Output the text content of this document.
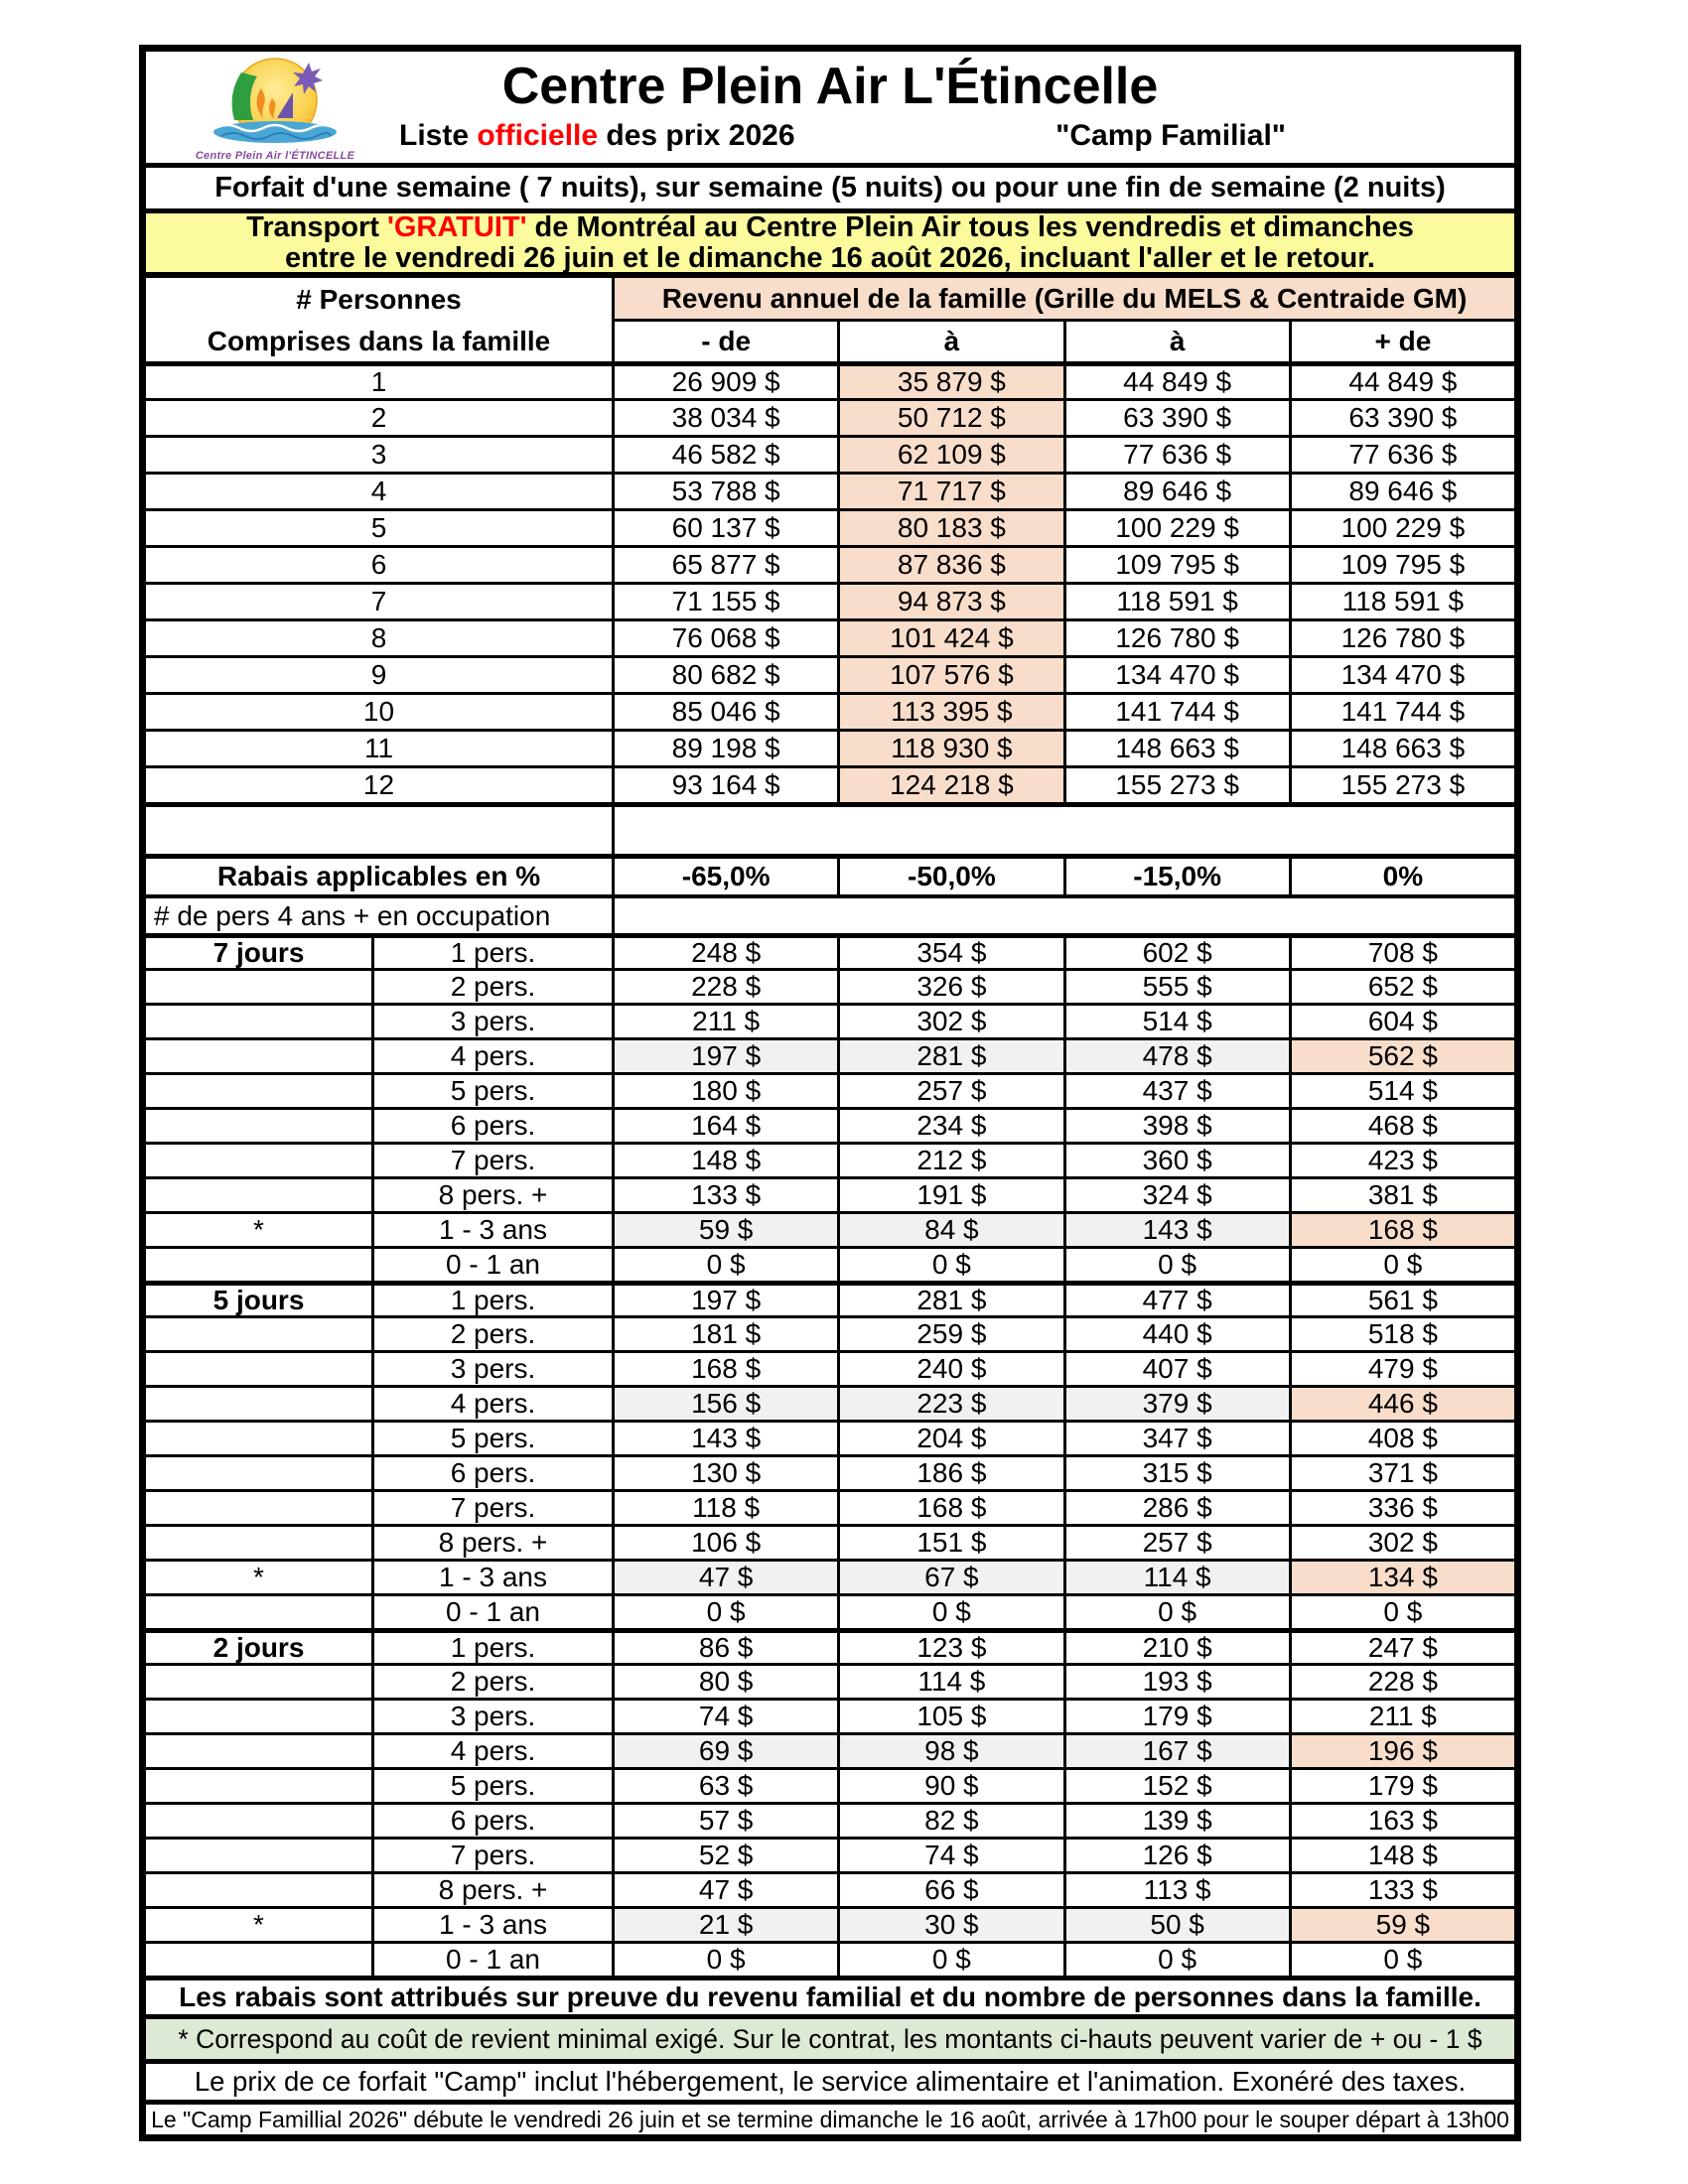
Centre Plein Air l'ÉTINCELLE
Centre Plein Air L'Étincelle
Liste officielle des prix 2026	"Camp Familial"
Forfait d'une semaine ( 7 nuits), sur semaine (5 nuits) ou pour une fin de semaine (2 nuits)
Transport 'GRATUIT' de Montréal au Centre Plein Air tous les vendredis et dimanches
entre le vendredi 26 juin et le dimanche 16 août 2026, incluant l'aller et le retour.
# Personnes
Comprises dans la famille
Revenu annuel de la famille (Grille du MELS & Centraide GM)
- de	à	à	+ de
1	26 909 $	35 879 $	44 849 $	44 849 $
2	38 034 $	50 712 $	63 390 $	63 390 $
3	46 582 $	62 109 $	77 636 $	77 636 $
4	53 788 $	71 717 $	89 646 $	89 646 $
5	60 137 $	80 183 $	100 229 $	100 229 $
6	65 877 $	87 836 $	109 795 $	109 795 $
7	71 155 $	94 873 $	118 591 $	118 591 $
8	76 068 $	101 424 $	126 780 $	126 780 $
9	80 682 $	107 576 $	134 470 $	134 470 $
10	85 046 $	113 395 $	141 744 $	141 744 $
11	89 198 $	118 930 $	148 663 $	148 663 $
12	93 164 $	124 218 $	155 273 $	155 273 $
Rabais applicables en %	-65,0%	-50,0%	-15,0%	0%
# de pers 4 ans + en occupation
7 jours	1 pers.	248 $	354 $	602 $	708 $
2 pers.	228 $	326 $	555 $	652 $
3 pers.	211 $	302 $	514 $	604 $
4 pers.	197 $	281 $	478 $	562 $
5 pers.	180 $	257 $	437 $	514 $
6 pers.	164 $	234 $	398 $	468 $
7 pers.	148 $	212 $	360 $	423 $
8 pers. +	133 $	191 $	324 $	381 $
*	1 - 3 ans	59 $	84 $	143 $	168 $
0 - 1 an	0 $	0 $	0 $	0 $
5 jours	1 pers.	197 $	281 $	477 $	561 $
2 pers.	181 $	259 $	440 $	518 $
3 pers.	168 $	240 $	407 $	479 $
4 pers.	156 $	223 $	379 $	446 $
5 pers.	143 $	204 $	347 $	408 $
6 pers.	130 $	186 $	315 $	371 $
7 pers.	118 $	168 $	286 $	336 $
8 pers. +	106 $	151 $	257 $	302 $
*	1 - 3 ans	47 $	67 $	114 $	134 $
0 - 1 an	0 $	0 $	0 $	0 $
2 jours	1 pers.	86 $	123 $	210 $	247 $
2 pers.	80 $	114 $	193 $	228 $
3 pers.	74 $	105 $	179 $	211 $
4 pers.	69 $	98 $	167 $	196 $
5 pers.	63 $	90 $	152 $	179 $
6 pers.	57 $	82 $	139 $	163 $
7 pers.	52 $	74 $	126 $	148 $
8 pers. +	47 $	66 $	113 $	133 $
*	1 - 3 ans	21 $	30 $	50 $	59 $
0 - 1 an	0 $	0 $	0 $	0 $
Les rabais sont attribués sur preuve du revenu familial et du nombre de personnes dans la famille.
* Correspond au coût de revient minimal exigé. Sur le contrat, les montants ci-hauts peuvent varier de + ou - 1 $
Le prix de ce forfait "Camp" inclut l'hébergement, le service alimentaire et l'animation. Exonéré des taxes.
Le "Camp Famillial 2026" débute le vendredi 26 juin et se termine dimanche le 16 août, arrivée à 17h00 pour le souper départ à 13h00
